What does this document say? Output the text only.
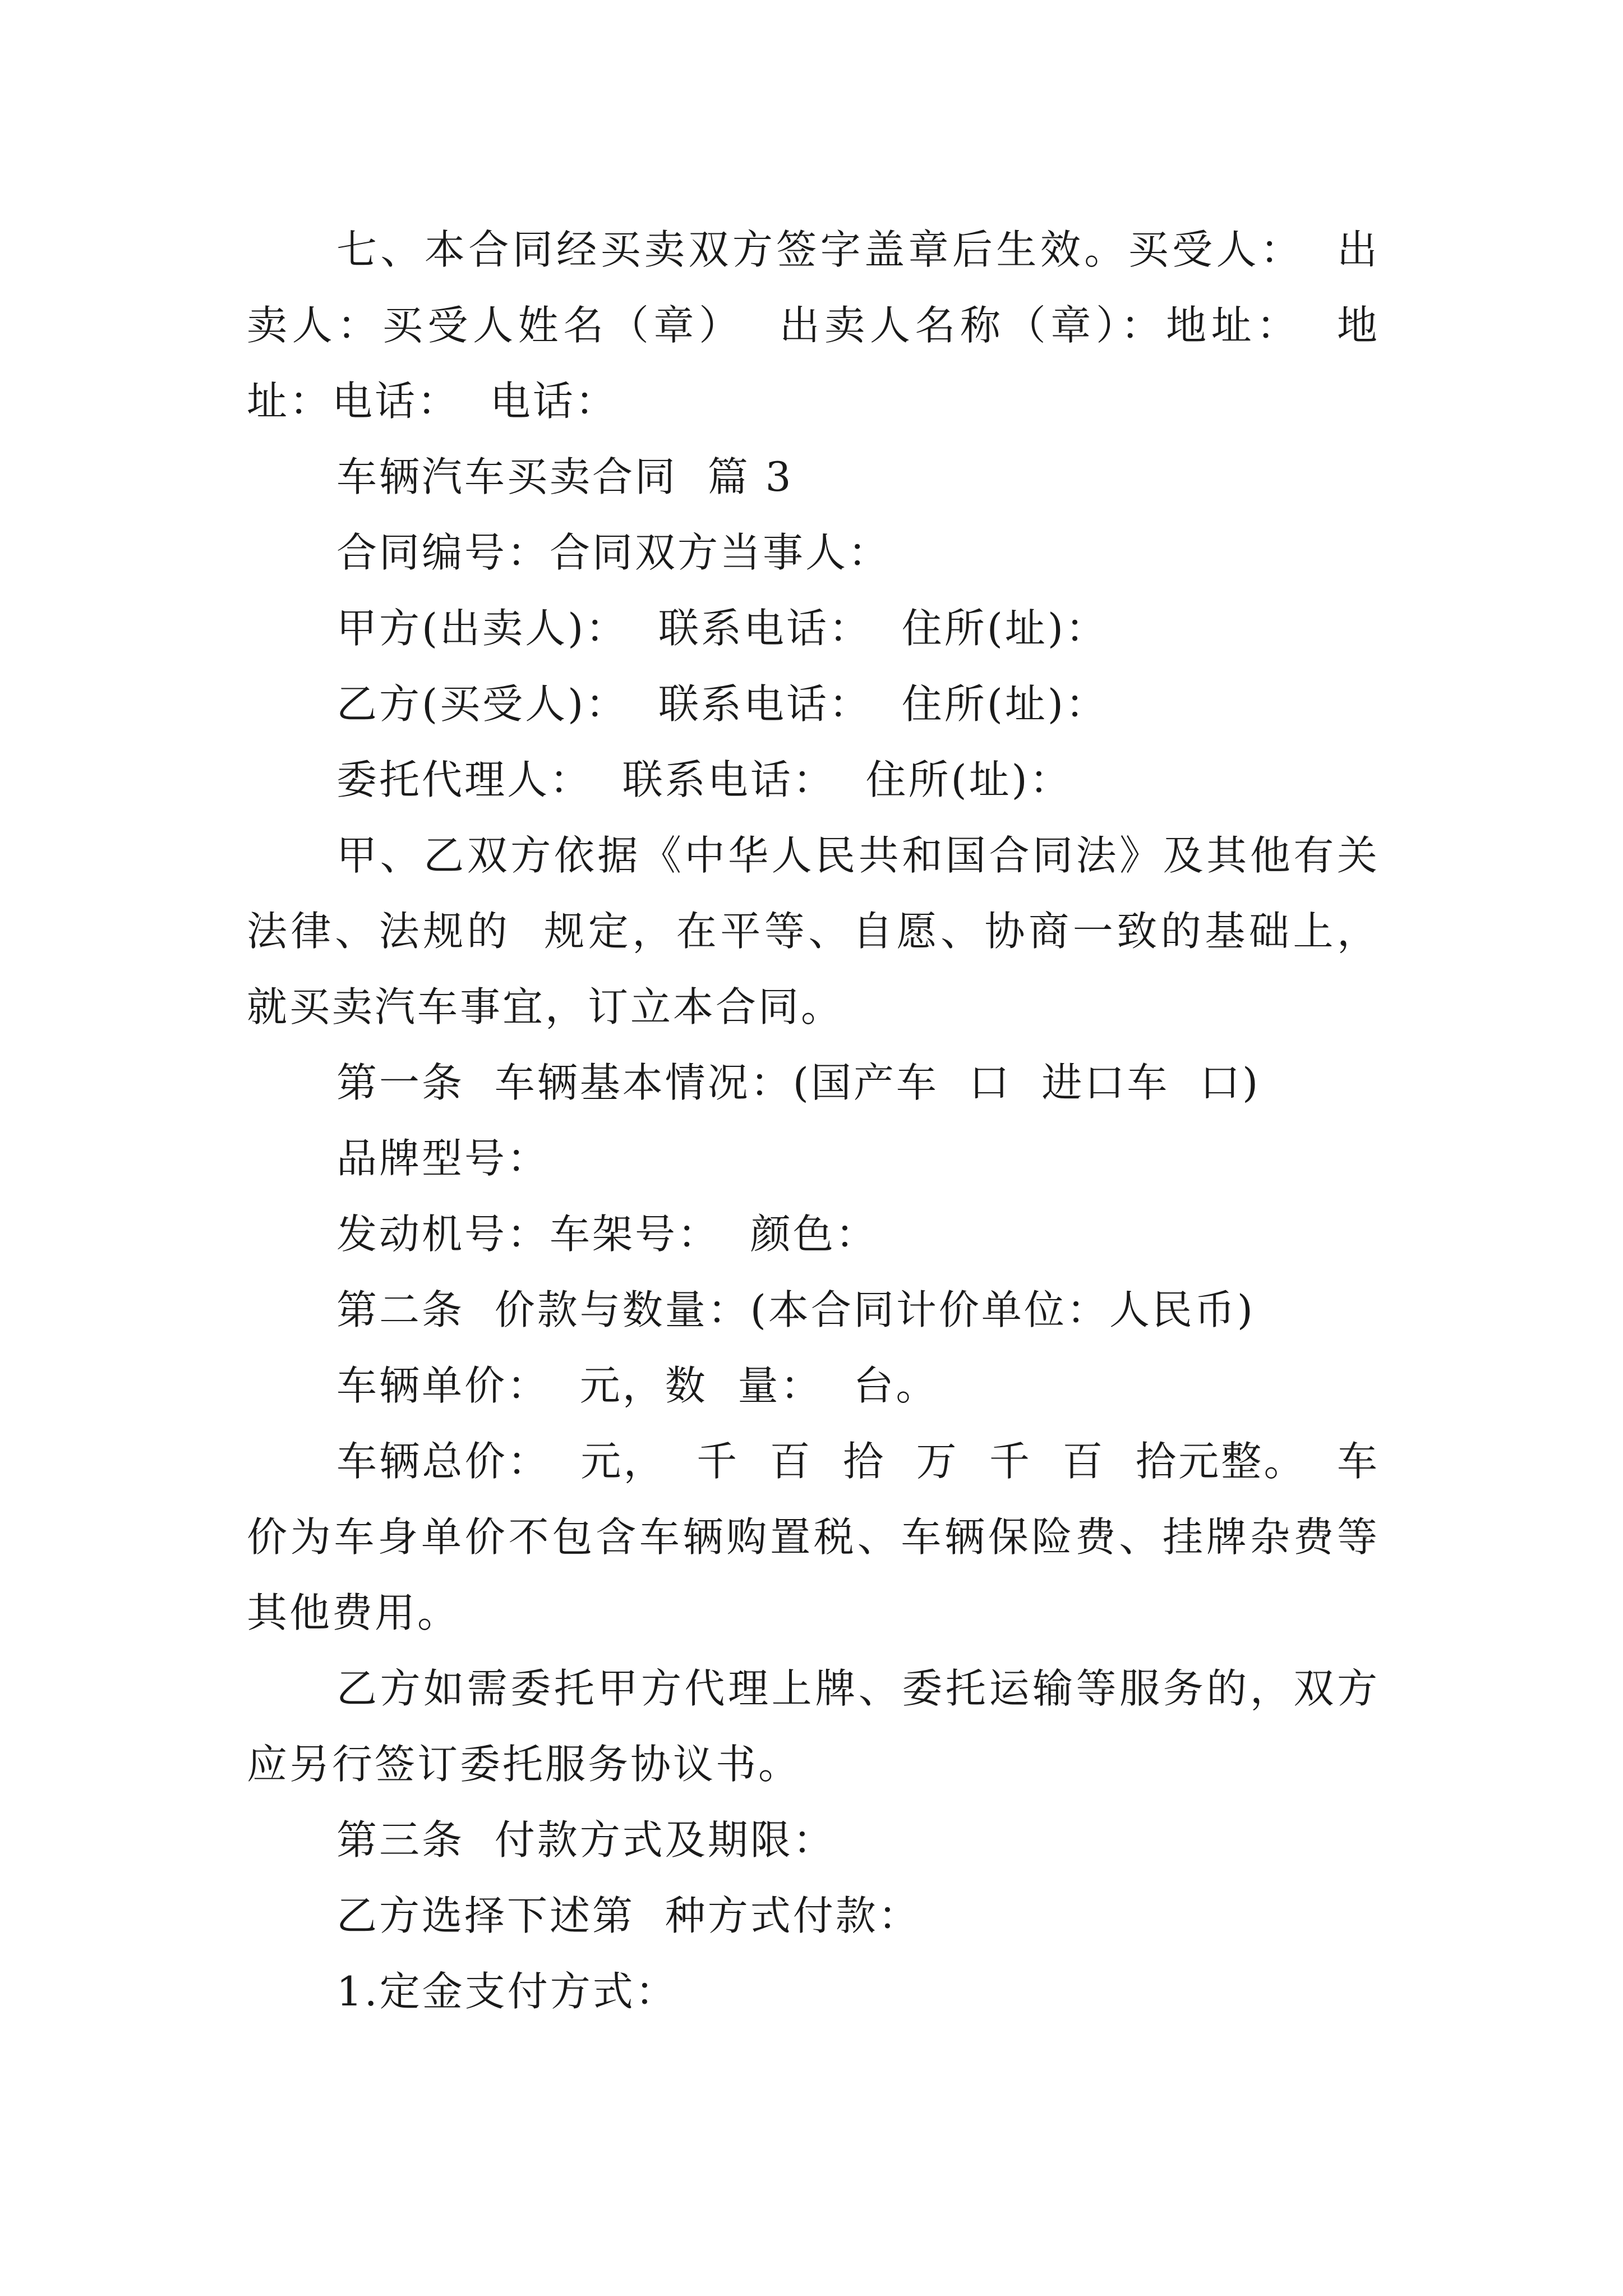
七、本合同经买卖双方签字盖章后生效。买受人：  出卖人：买受人姓名（章）  出卖人名称（章）：地址：  地址：电话：  电话：

车辆汽车买卖合同  篇 3

合同编号：合同双方当事人：

甲方(出卖人)：  联系电话：  住所(址)：

乙方(买受人)：  联系电话：  住所(址)：

委托代理人：  联系电话：  住所(址)：

甲、乙双方依据《中华人民共和国合同法》及其他有关法律、法规的  规定，在平等、自愿、协商一致的基础上，就买卖汽车事宜，订立本合同。

第一条  车辆基本情况：(国产车  口  进口车  口)

品牌型号：

发动机号：车架号：  颜色：

第二条  价款与数量：(本合同计价单位：人民币)

车辆单价：  元，数  量：  台。

车辆总价：  元，  千  百  拾  万  千  百  拾元整。  车价为车身单价不包含车辆购置税、车辆保险费、挂牌杂费等其他费用。

乙方如需委托甲方代理上牌、委托运输等服务的，双方应另行签订委托服务协议书。

第三条  付款方式及期限：

乙方选择下述第  种方式付款：

1.定金支付方式：
